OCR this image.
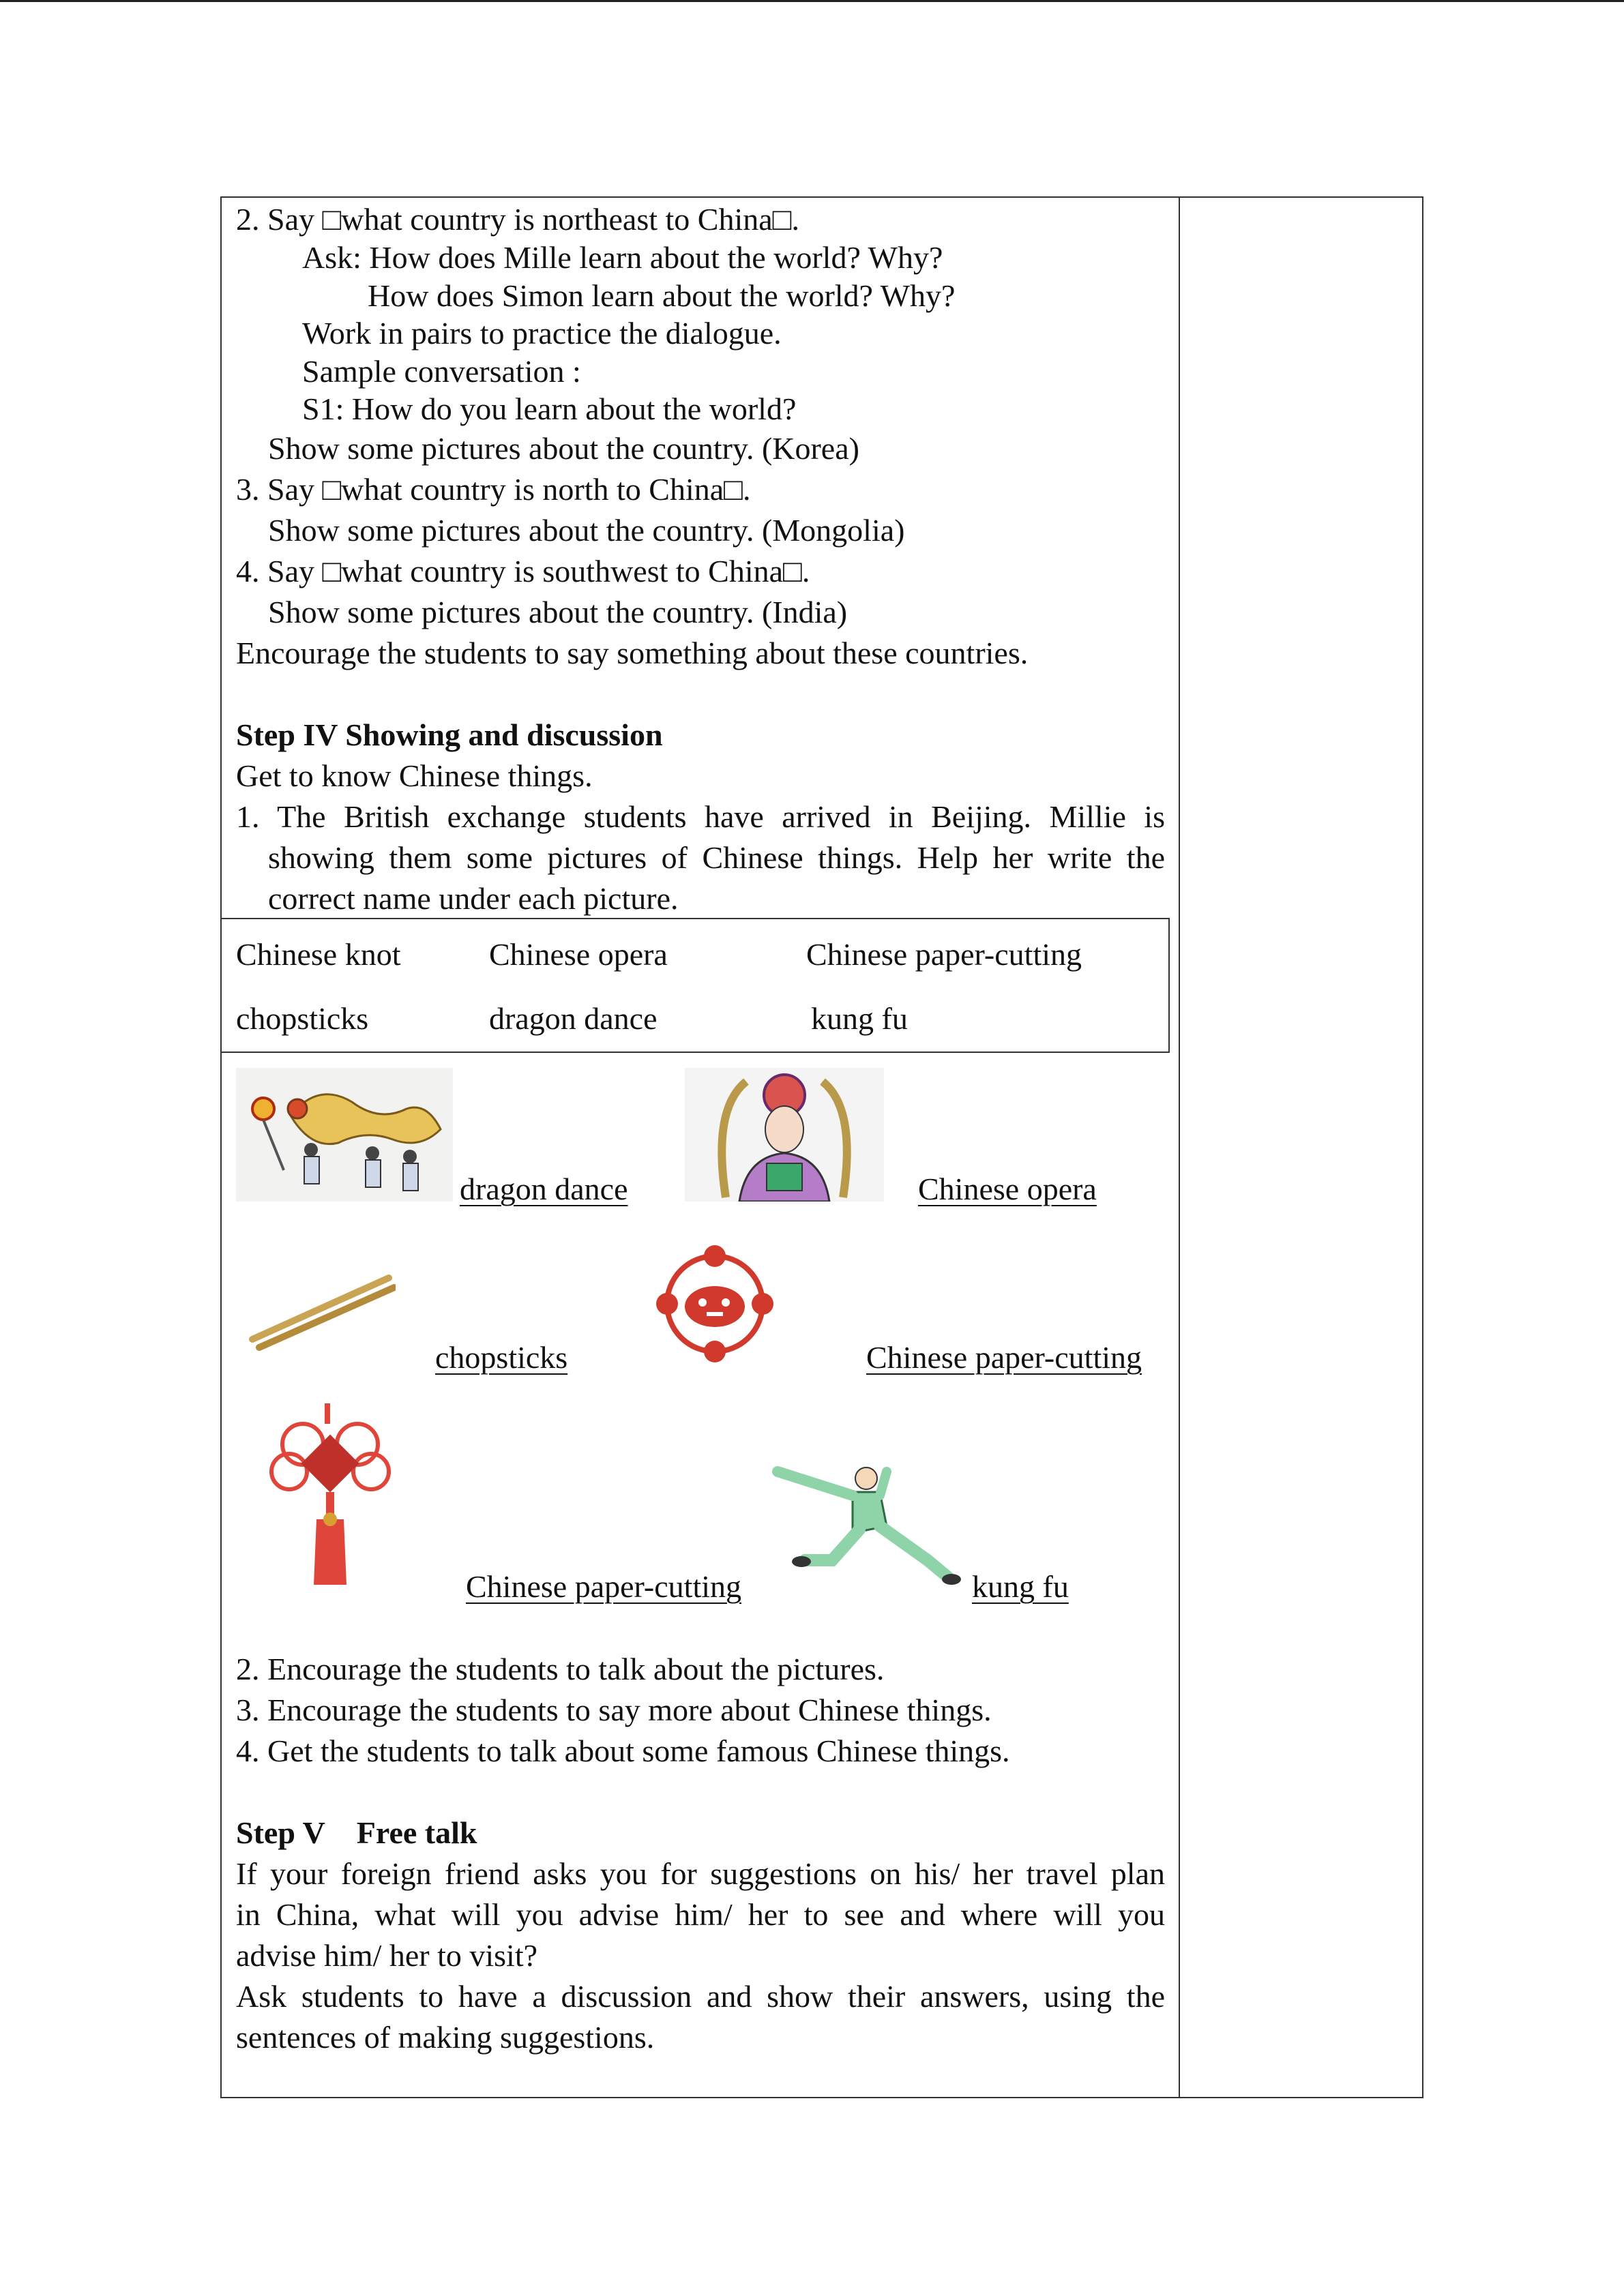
2. Say □what country is northeast to China□.
Ask: How does Mille learn about the world? Why?
How does Simon learn about the world? Why?
Work in pairs to practice the dialogue.
Sample conversation :
S1: How do you learn about the world?
Show some pictures about the country. (Korea)
3. Say □what country is north to China□.
Show some pictures about the country. (Mongolia)
4. Say □what country is southwest to China□.
Show some pictures about the country. (India)
Encourage the students to say something about these countries.
Step IV Showing and discussion
Get to know Chinese things.
1. The British exchange students have arrived in Beijing. Millie is
showing them some pictures of Chinese things. Help her write the
correct name under each picture.
Chinese knot	Chinese opera	Chinese paper-cutting
chopsticks	dragon dance	kung fu
dragon dance	Chinese opera
chopsticks	Chinese paper-cutting
Chinese paper-cutting	kung fu
2. Encourage the students to talk about the pictures.
3. Encourage the students to say more about Chinese things.
4. Get the students to talk about some famous Chinese things.
Step V    Free talk
If your foreign friend asks you for suggestions on his/ her travel plan
in China, what will you advise him/ her to see and where will you
advise him/ her to visit?
Ask students to have a discussion and show their answers, using the
sentences of making suggestions.
